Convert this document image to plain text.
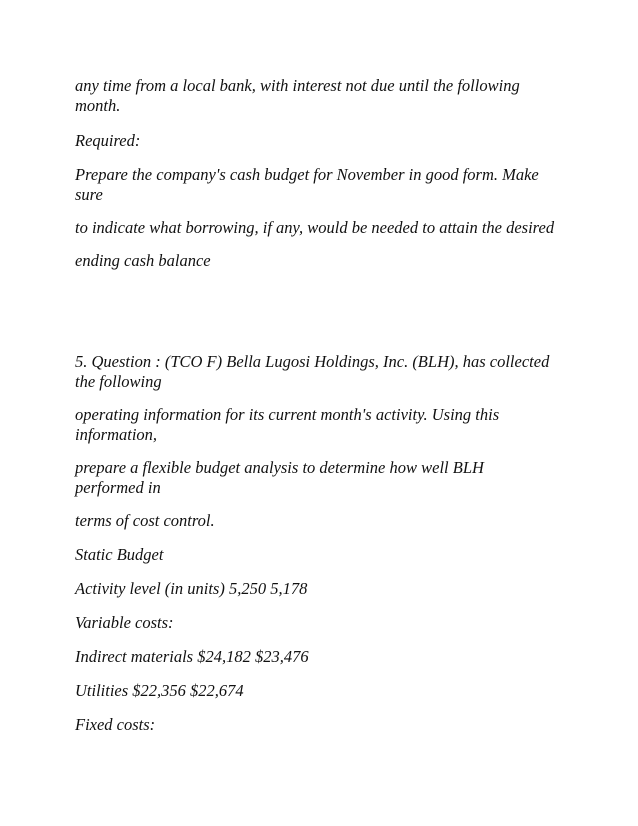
any time from a local bank, with interest not due until the following
month.

Required:

Prepare the company's cash budget for November in good form. Make
sure

to indicate what borrowing, if any, would be needed to attain the desired

ending cash balance

5. Question : (TCO F) Bella Lugosi Holdings, Inc. (BLH), has collected
the following

operating information for its current month's activity. Using this
information,

prepare a flexible budget analysis to determine how well BLH
performed in

terms of cost control.

Static Budget

Activity level (in units) 5,250 5,178

Variable costs:

Indirect materials $24,182 $23,476

Utilities $22,356 $22,674

Fixed costs:
